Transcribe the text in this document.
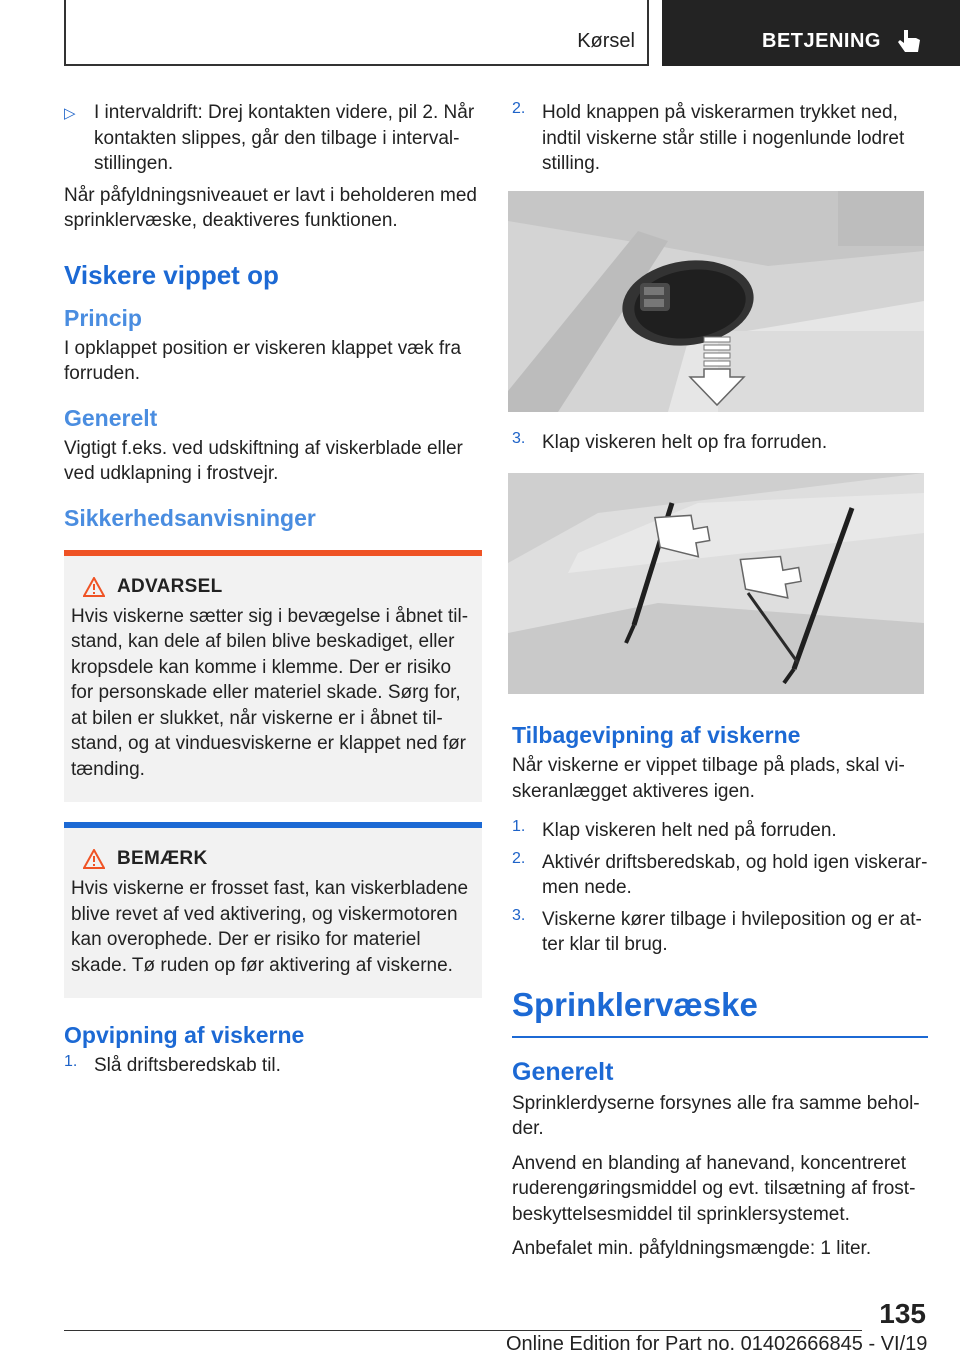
Kørsel	BETJENING
▷ I intervaldrift: Drej kontakten videre, pil 2. Når kontakten slippes, går den tilbage i intervalstillingen.

Når påfyldningsniveauet er lavt i beholderen med sprinklervæske, deaktiveres funktionen.

Viskere vippet op
Princip

I opklappet position er viskeren klappet væk fra forruden.

Generelt

Vigtigt f.eks. ved udskiftning af viskerblade eller ved udklapning i frostvejr.

Sikkerhedsanvisninger
ADVARSEL

Hvis viskerne sætter sig i bevægelse i åbnet tilstand, kan dele af bilen blive beskadiget, eller kropsdele kan komme i klemme. Der er risiko for personskade eller materiel skade. Sørg for, at bilen er slukket, når viskerne er i åbnet tilstand, og at vinduesviskerne er klappet ned før tænding.

BEMÆRK

Hvis viskerne er frosset fast, kan viskerbladene blive revet af ved aktivering, og viskermotoren kan overophede. Der er risiko for materiel skade. Tø ruden op før aktivering af viskerne.

Opvipning af viskerne
1. Slå driftsberedskab til.

2. Hold knappen på viskerarmen trykket ned, indtil viskerne står stille i nogenlunde lodret stilling.

3. Klap viskeren helt op fra forruden.

Tilbagevipning af viskerne

Når viskerne er vippet tilbage på plads, skal viskeranlægget aktiveres igen.

1. Klap viskeren helt ned på forruden.

2. Aktivér driftsberedskab, og hold igen viskerarmen nede.

3. Viskerne kører tilbage i hvileposition og er atter klar til brug.

Sprinklervæske
Generelt

Sprinklerdyserne forsynes alle fra samme beholder.

Anvend en blanding af hanevand, koncentreret ruderengøringsmiddel og evt. tilsætning af frostbeskyttelsesmiddel til sprinklersystemet.

Anbefalet min. påfyldningsmængde: 1 liter.

135
Online Edition for Part no. 01402666845 - VI/19
